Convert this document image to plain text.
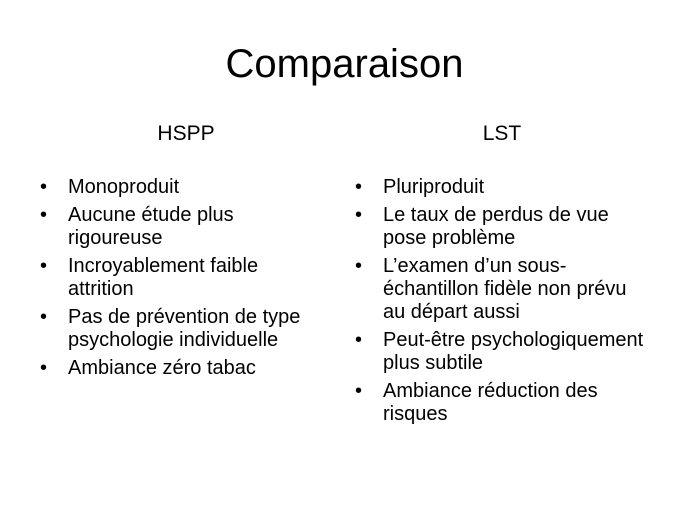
Comparaison
HSPP	LST
•	Monoproduit
•	Aucune étude plus rigoureuse
•	Incroyablement faible attrition
•	Pas de prévention de type psychologie individuelle
•	Ambiance zéro tabac
•	Pluriproduit
•	Le taux de perdus de vue pose problème
•	L’examen d’un sous-échantillon fidèle non prévu au départ aussi
•	Peut-être psychologiquement plus subtile
•	Ambiance réduction des risques
